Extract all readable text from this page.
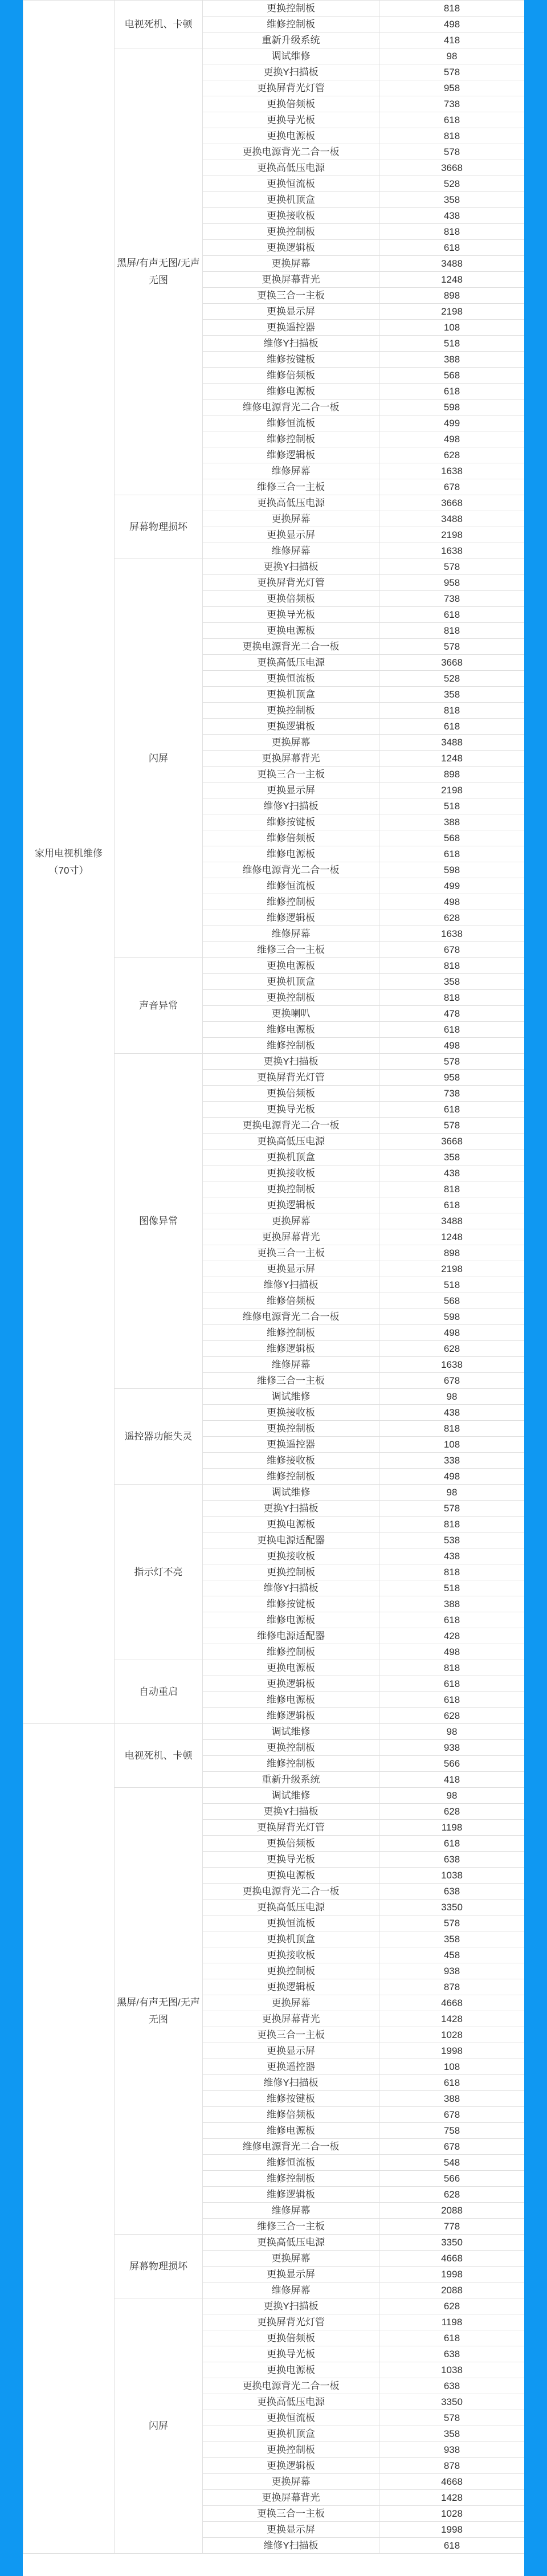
家用电视机维修（70寸）	电视死机、卡顿	更换控制板	818
		维修控制板	498
		重新升级系统	418
	黑屏/有声无图/无声无图	调试维修	98
		更换Y扫描板	578
		更换屏背光灯管	958
		更换倍频板	738
		更换导光板	618
		更换电源板	818
		更换电源背光二合一板	578
		更换高低压电源	3668
		更换恒流板	528
		更换机顶盒	358
		更换接收板	438
		更换控制板	818
		更换逻辑板	618
		更换屏幕	3488
		更换屏幕背光	1248
		更换三合一主板	898
		更换显示屏	2198
		更换遥控器	108
		维修Y扫描板	518
		维修按键板	388
		维修倍频板	568
		维修电源板	618
		维修电源背光二合一板	598
		维修恒流板	499
		维修控制板	498
		维修逻辑板	628
		维修屏幕	1638
		维修三合一主板	678
	屏幕物理损坏	更换高低压电源	3668
		更换屏幕	3488
		更换显示屏	2198
		维修屏幕	1638
	闪屏	更换Y扫描板	578
		更换屏背光灯管	958
		更换倍频板	738
		更换导光板	618
		更换电源板	818
		更换电源背光二合一板	578
		更换高低压电源	3668
		更换恒流板	528
		更换机顶盒	358
		更换控制板	818
		更换逻辑板	618
		更换屏幕	3488
		更换屏幕背光	1248
		更换三合一主板	898
		更换显示屏	2198
		维修Y扫描板	518
		维修按键板	388
		维修倍频板	568
		维修电源板	618
		维修电源背光二合一板	598
		维修恒流板	499
		维修控制板	498
		维修逻辑板	628
		维修屏幕	1638
		维修三合一主板	678
	声音异常	更换电源板	818
		更换机顶盒	358
		更换控制板	818
		更换喇叭	478
		维修电源板	618
		维修控制板	498
	图像异常	更换Y扫描板	578
		更换屏背光灯管	958
		更换倍频板	738
		更换导光板	618
		更换电源背光二合一板	578
		更换高低压电源	3668
		更换机顶盒	358
		更换接收板	438
		更换控制板	818
		更换逻辑板	618
		更换屏幕	3488
		更换屏幕背光	1248
		更换三合一主板	898
		更换显示屏	2198
		维修Y扫描板	518
		维修倍频板	568
		维修电源背光二合一板	598
		维修控制板	498
		维修逻辑板	628
		维修屏幕	1638
		维修三合一主板	678
	遥控器功能失灵	调试维修	98
		更换接收板	438
		更换控制板	818
		更换遥控器	108
		维修接收板	338
		维修控制板	498
	指示灯不亮	调试维修	98
		更换Y扫描板	578
		更换电源板	818
		更换电源适配器	538
		更换接收板	438
		更换控制板	818
		维修Y扫描板	518
		维修按键板	388
		维修电源板	618
		维修电源适配器	428
		维修控制板	498
	自动重启	更换电源板	818
		更换逻辑板	618
		维修电源板	618
		维修逻辑板	628
	电视死机、卡顿	调试维修	98
		更换控制板	938
		维修控制板	566
		重新升级系统	418
	黑屏/有声无图/无声无图	调试维修	98
		更换Y扫描板	628
		更换屏背光灯管	1198
		更换倍频板	618
		更换导光板	638
		更换电源板	1038
		更换电源背光二合一板	638
		更换高低压电源	3350
		更换恒流板	578
		更换机顶盒	358
		更换接收板	458
		更换控制板	938
		更换逻辑板	878
		更换屏幕	4668
		更换屏幕背光	1428
		更换三合一主板	1028
		更换显示屏	1998
		更换遥控器	108
		维修Y扫描板	618
		维修按键板	388
		维修倍频板	678
		维修电源板	758
		维修电源背光二合一板	678
		维修恒流板	548
		维修控制板	566
		维修逻辑板	628
		维修屏幕	2088
		维修三合一主板	778
	屏幕物理损坏	更换高低压电源	3350
		更换屏幕	4668
		更换显示屏	1998
		维修屏幕	2088
	闪屏	更换Y扫描板	628
		更换屏背光灯管	1198
		更换倍频板	618
		更换导光板	638
		更换电源板	1038
		更换电源背光二合一板	638
		更换高低压电源	3350
		更换恒流板	578
		更换机顶盒	358
		更换控制板	938
		更换逻辑板	878
		更换屏幕	4668
		更换屏幕背光	1428
		更换三合一主板	1028
		更换显示屏	1998
		维修Y扫描板	618
